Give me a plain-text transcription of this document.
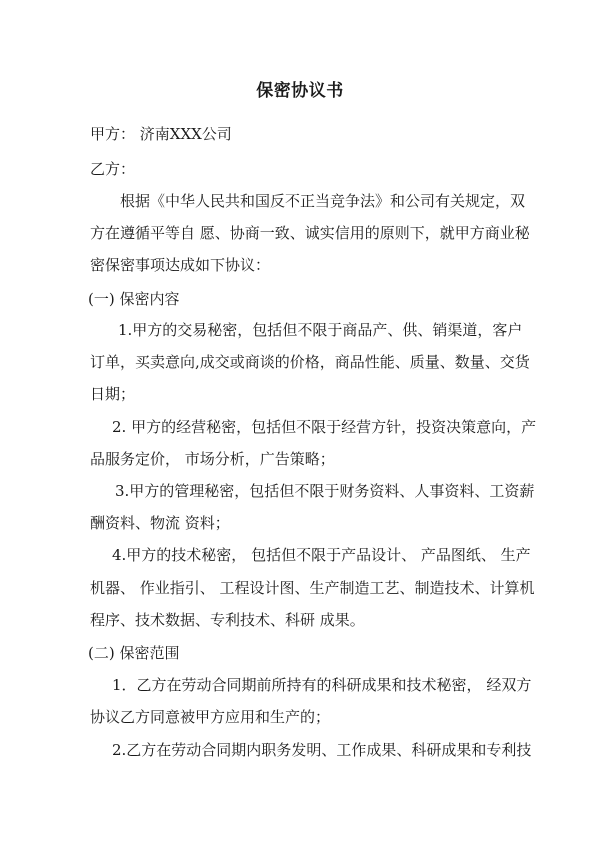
保密协议书
甲方： 济南XXX公司
乙方：
根据《中华人民共和国反不正当竞争法》和公司有关规定，双
方在遵循平等自 愿、协商一致、诚实信用的原则下，就甲方商业秘
密保密事项达成如下协议：
(一) 保密内容
1.甲方的交易秘密，包括但不限于商品产、供、销渠道，客户
订单，买卖意向,成交或商谈的价格，商品性能、质量、数量、交货
日期；
2. 甲方的经营秘密，包括但不限于经营方针，投资决策意向，产
品服务定价， 市场分析，广告策略；
3.甲方的管理秘密，包括但不限于财务资料、人事资料、工资薪
酬资料、物流 资料；
4.甲方的技术秘密， 包括但不限于产品设计、 产品图纸、 生产
机器、 作业指引、 工程设计图、生产制造工艺、制造技术、计算机
程序、技术数据、专利技术、科研 成果。
(二) 保密范围
1．乙方在劳动合同期前所持有的科研成果和技术秘密， 经双方
协议乙方同意被甲方应用和生产的；
2.乙方在劳动合同期内职务发明、工作成果、科研成果和专利技
